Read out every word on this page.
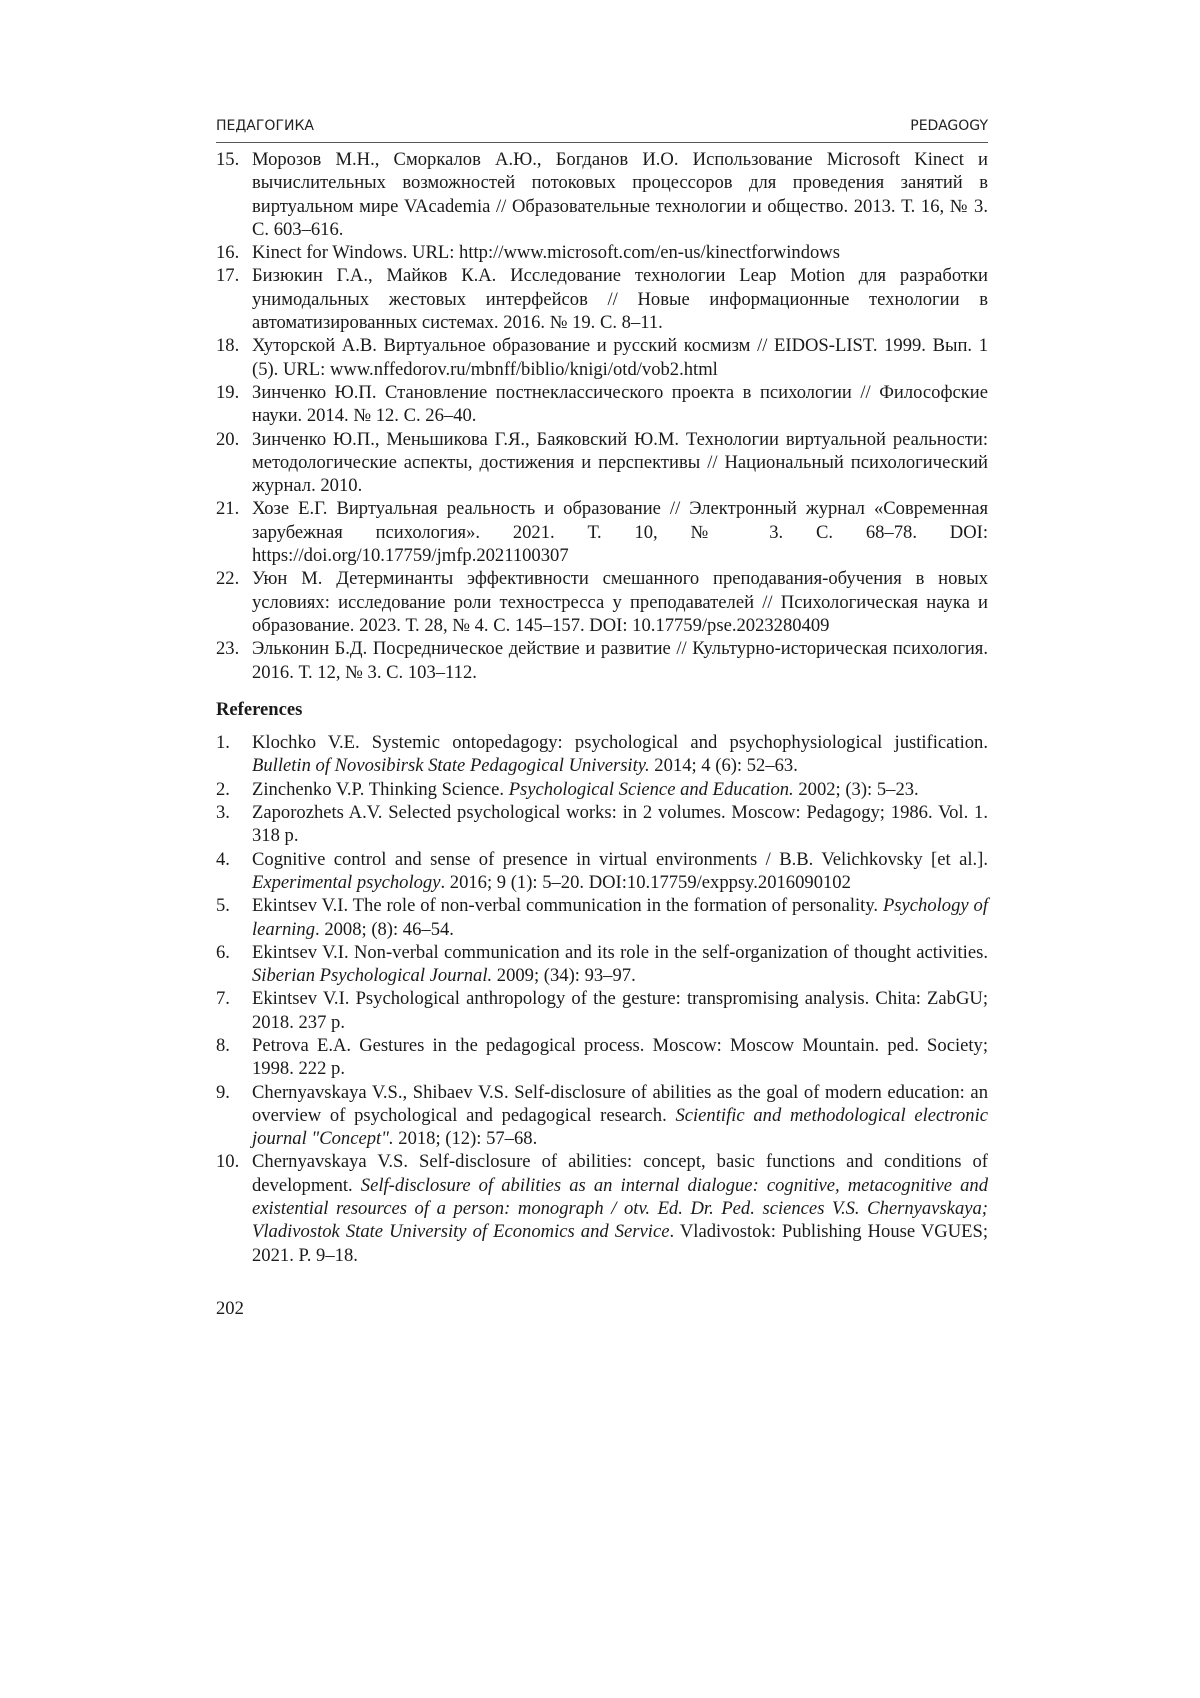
ПЕДАГОГИКА	PEDAGOGY
15. Морозов М.Н., Сморкалов А.Ю., Богданов И.О. Использование Microsoft Kinect и вычислительных возможностей потоковых процессоров для проведения занятий в виртуальном мире VAcademia // Образовательные технологии и общество. 2013. Т. 16, № 3. С. 603–616.
16. Kinect for Windows. URL: http://www.microsoft.com/en-us/kinectforwindows
17. Бизюкин Г.А., Майков К.А. Исследование технологии Leap Motion для разработки унимодальных жестовых интерфейсов // Новые информационные технологии в автоматизированных системах. 2016. № 19. С. 8–11.
18. Хуторской А.В. Виртуальное образование и русский космизм // EIDOS-LIST. 1999. Вып. 1 (5). URL: www.nffedorov.ru/mbnff/biblio/knigi/otd/vob2.html
19. Зинченко Ю.П. Становление постнеклассического проекта в психологии // Философские науки. 2014. № 12. С. 26–40.
20. Зинченко Ю.П., Меньшикова Г.Я., Баяковский Ю.М. Технологии виртуальной реальности: методологические аспекты, достижения и перспективы // Национальный психологический журнал. 2010.
21. Хозе Е.Г. Виртуальная реальность и образование // Электронный журнал «Современная зарубежная психология». 2021. Т. 10, № 3. С. 68–78. DOI: https://doi.org/10.17759/jmfp.2021100307
22. Уюн М. Детерминанты эффективности смешанного преподавания-обучения в новых условиях: исследование роли техностресса у преподавателей // Психологическая наука и образование. 2023. Т. 28, № 4. С. 145–157. DOI: 10.17759/pse.2023280409
23. Эльконин Б.Д. Посредническое действие и развитие // Культурно-историческая психология. 2016. Т. 12, № 3. С. 103–112.
References
1. Klochko V.E. Systemic ontopedagogy: psychological and psychophysiological justification. Bulletin of Novosibirsk State Pedagogical University. 2014; 4 (6): 52–63.
2. Zinchenko V.P. Thinking Science. Psychological Science and Education. 2002; (3): 5–23.
3. Zaporozhets A.V. Selected psychological works: in 2 volumes. Moscow: Pedagogy; 1986. Vol. 1. 318 p.
4. Cognitive control and sense of presence in virtual environments / B.B. Velichkovsky [et al.]. Experimental psychology. 2016; 9 (1): 5–20. DOI:10.17759/exppsy.2016090102
5. Ekintsev V.I. The role of non-verbal communication in the formation of personality. Psychology of learning. 2008; (8): 46–54.
6. Ekintsev V.I. Non-verbal communication and its role in the self-organization of thought activities. Siberian Psychological Journal. 2009; (34): 93–97.
7. Ekintsev V.I. Psychological anthropology of the gesture: transpromising analysis. Chita: ZabGU; 2018. 237 p.
8. Petrova E.A. Gestures in the pedagogical process. Moscow: Moscow Mountain. ped. Society; 1998. 222 p.
9. Chernyavskaya V.S., Shibaev V.S. Self-disclosure of abilities as the goal of modern education: an overview of psychological and pedagogical research. Scientific and methodological electronic journal "Concept". 2018; (12): 57–68.
10. Chernyavskaya V.S. Self-disclosure of abilities: concept, basic functions and conditions of development. Self-disclosure of abilities as an internal dialogue: cognitive, metacognitive and existential resources of a person: monograph / otv. Ed. Dr. Ped. sciences V.S. Chernyavskaya; Vladivostok State University of Economics and Service. Vladivostok: Publishing House VGUES; 2021. P. 9–18.
202
